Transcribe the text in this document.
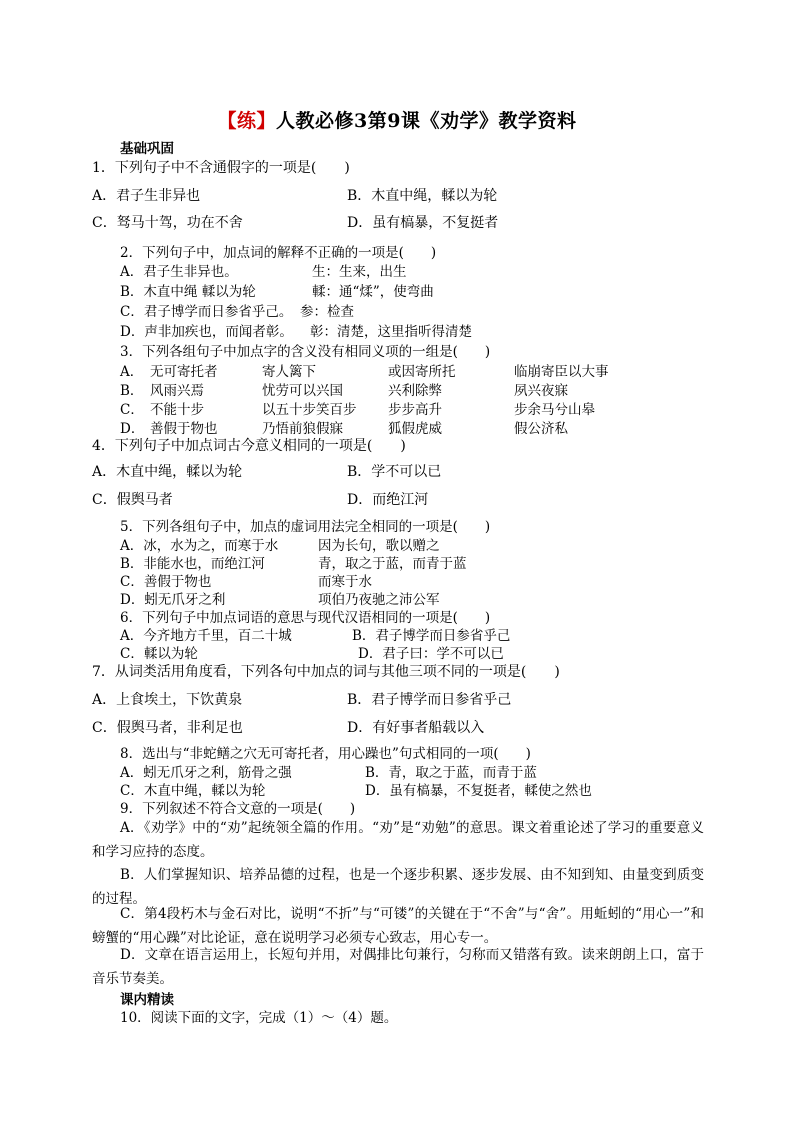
【练】人教必修3第9课《劝学》教学资料
基础巩固
1．下列句子中不含通假字的一项是(　　)
A．君子生非异也	B．木直中绳，輮以为轮
C．驽马十驾，功在不舍	D．虽有槁暴，不复挺者
2．下列句子中，加点词的解释不正确的一项是(　　)
A．君子生非异也。	生：生来，出生
B．木直中绳 輮以为轮	輮：通“煣”，使弯曲
C．君子博学而日参省乎己。 参：检查
D．声非加疾也，而闻者彰。 彰：清楚，这里指听得清楚
3．下列各组句子中加点字的含义没有相同义项的一组是(　　)
A． 无可寄托者	寄人篱下	或因寄所托	临崩寄臣以大事
B． 风雨兴焉	忧劳可以兴国	兴利除弊	夙兴夜寐
C． 不能十步	以五十步笑百步 步步高升	步余马兮山皋
D． 善假于物也	乃悟前狼假寐	狐假虎威	假公济私
4．下列句子中加点词古今意义相同的一项是(　　)
A．木直中绳，輮以为轮	B．学不可以已
C．假舆马者	D．而绝江河
5．下列各组句子中，加点的虚词用法完全相同的一项是(　　)
A．冰，水为之，而寒于水	因为长句，歌以赠之
B．非能水也，而绝江河	青，取之于蓝，而青于蓝
C．善假于物也	而寒于水
D．蚓无爪牙之利	项伯乃夜驰之沛公军
6．下列句子中加点词语的意思与现代汉语相同的一项是(　　)
A．今齐地方千里，百二十城	B．君子博学而日参省乎己
C．輮以为轮	D．君子曰：学不可以已
7．从词类活用角度看，下列各句中加点的词与其他三项不同的一项是(　　)
A．上食埃土，下饮黄泉	B．君子博学而日参省乎己
C．假舆马者，非利足也	D．有好事者船载以入
8．选出与“非蛇鳝之穴无可寄托者，用心躁也”句式相同的一项(　　)
A．蚓无爪牙之利，筋骨之强	B．青，取之于蓝，而青于蓝
C．木直中绳，輮以为轮	D．虽有槁暴，不复挺者，輮使之然也
9．下列叙述不符合文意的一项是(　　)
A．《劝学》中的“劝”起统领全篇的作用。“劝”是“劝勉”的意思。课文着重论述了学习的重要意义和学习应持的态度。
B．人们掌握知识、培养品德的过程，也是一个逐步积累、逐步发展、由不知到知、由量变到质变的过程。
C．第4段朽木与金石对比，说明“不折”与“可镂”的关键在于“不舍”与“舍”。用蚯蚓的“用心一”和螃蟹的“用心躁”对比论证，意在说明学习必须专心致志，用心专一。
D．文章在语言运用上，长短句并用，对偶排比句兼行，匀称而又错落有致。读来朗朗上口，富于音乐节奏美。
课内精读
10．阅读下面的文字，完成（1）～（4）题。
